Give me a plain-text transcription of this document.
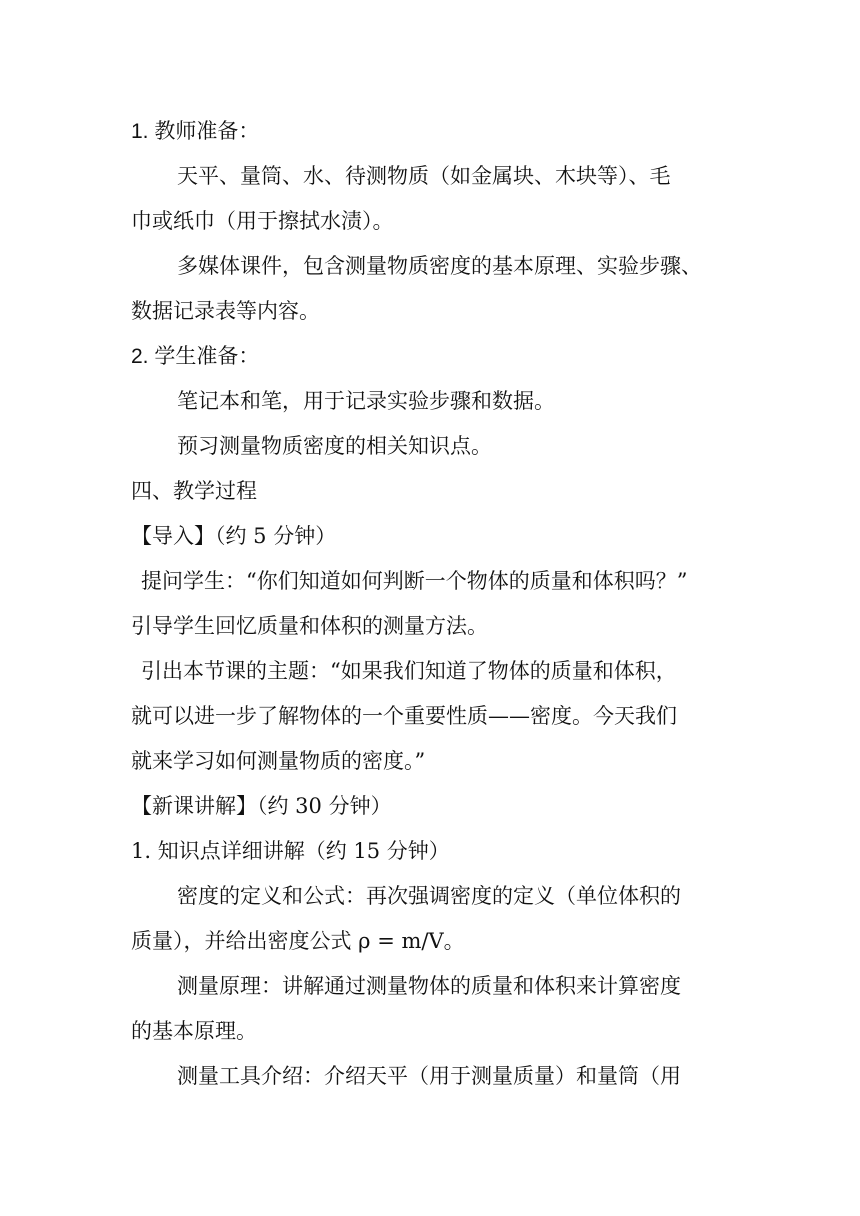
1. 教师准备：
天平、量筒、水、待测物质（如金属块、木块等）、毛
巾或纸巾（用于擦拭水渍）。
多媒体课件，包含测量物质密度的基本原理、实验步骤、
数据记录表等内容。
2. 学生准备：
笔记本和笔，用于记录实验步骤和数据。
预习测量物质密度的相关知识点。
四、教学过程
【导入】（约 5 分钟）
提问学生：“你们知道如何判断一个物体的质量和体积吗？”
引导学生回忆质量和体积的测量方法。
引出本节课的主题：“如果我们知道了物体的质量和体积，
就可以进一步了解物体的一个重要性质——密度。今天我们
就来学习如何测量物质的密度。”
【新课讲解】（约 30 分钟）
1. 知识点详细讲解（约 15 分钟）
密度的定义和公式：再次强调密度的定义（单位体积的
质量），并给出密度公式 ρ = m/V。
测量原理：讲解通过测量物体的质量和体积来计算密度
的基本原理。
测量工具介绍：介绍天平（用于测量质量）和量筒（用
